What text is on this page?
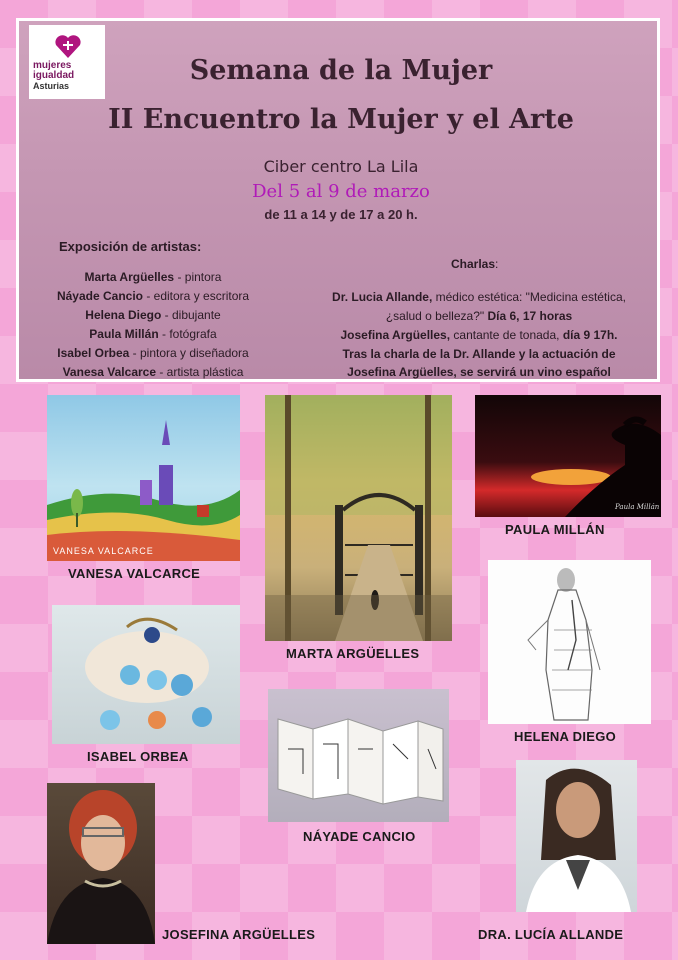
mujeres
igualdad
Asturias	Semana de la Mujer
II Encuentro la Mujer y el Arte
Ciber centro La Lila
Del 5 al 9 de marzo
de 11 a 14 y de 17 a 20 h.
Exposición de artistas:
Marta Argüelles - pintora
Náyade Cancio - editora y escritora
Helena Diego - dibujante
Paula Millán - fotógrafa
Isabel Orbea - pintora y diseñadora
Vanesa Valcarce - artista plástica
Charlas:
Dr. Lucia Allande, médico estética: "Medicina estética,
¿salud o belleza?" Día 6, 17 horas
Josefina Argüelles, cantante de tonada, día 9 17h.
Tras la charla de la Dr. Allande y la actuación de
Josefina Argüelles, se servirá un vino español
VANESA VALCARCE
VANESA VALCARCE
MARTA ARGÜELLES
Paula Millán
PAULA MILLÁN
HELENA DIEGO
ISABEL ORBEA
NÁYADE CANCIO
DRA. LUCÍA ALLANDE
JOSEFINA ARGÜELLES
